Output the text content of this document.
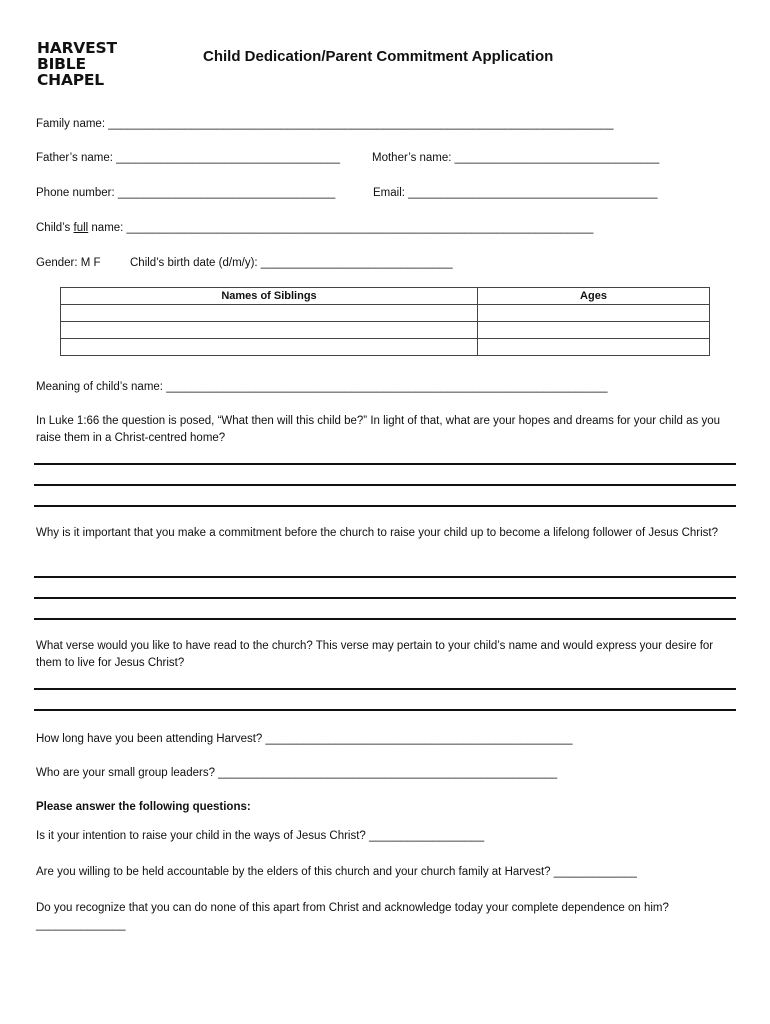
HARVEST
BIBLE
CHAPEL
Child Dedication/Parent Commitment Application
Family name: _______________________________________________________________________________
Father’s name: ___________________________________	Mother’s name: ________________________________
Phone number: __________________________________	Email: _______________________________________
Child’s full name: _________________________________________________________________________
Gender: M F	Child’s birth date (d/m/y): ______________________________
Names of Siblings	Ages

Meaning of child’s name: _____________________________________________________________________
In Luke 1:66 the question is posed, “What then will this child be?” In light of that, what are your hopes and dreams for your child as you raise them in a Christ-centred home?
Why is it important that you make a commitment before the church to raise your child up to become a lifelong follower of Jesus Christ?
What verse would you like to have read to the church? This verse may pertain to your child’s name and would express your desire for them to live for Jesus Christ?
How long have you been attending Harvest? ________________________________________________
Who are your small group leaders? _____________________________________________________
Please answer the following questions:
Is it your intention to raise your child in the ways of Jesus Christ? __________________
Are you willing to be held accountable by the elders of this church and your church family at Harvest? _____________
Do you recognize that you can do none of this apart from Christ and acknowledge today your complete dependence on him? ______________
